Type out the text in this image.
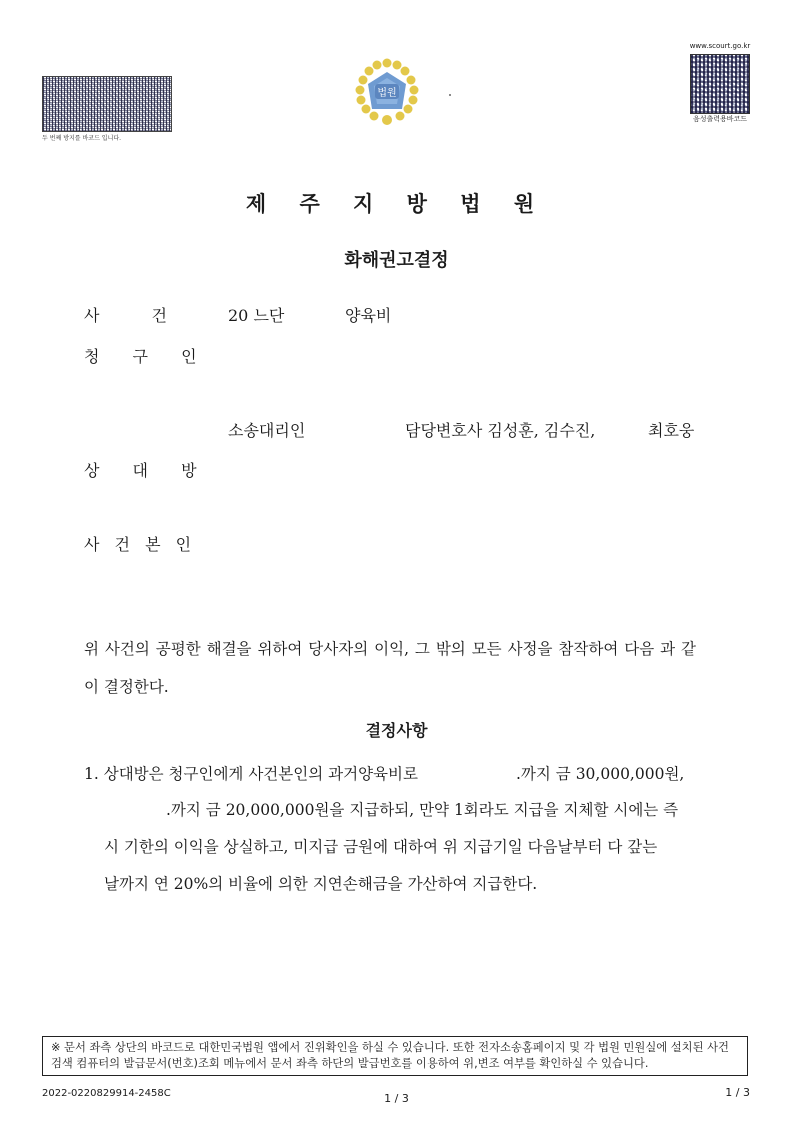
두 번째 방지를 바코드 입니다.
법원
www.scourt.go.kr
음성출력용바코드
제 주 지 방 법 원
화해권고결정
사	건	20 느단	양육비
청 구 인
소송대리인	담당변호사 김성훈, 김수진,	최호웅
상 대 방
사 건 본 인
위 사건의 공평한 해결을 위하여 당사자의 이익, 그 밖의 모든 사정을 참작하여 다음 과 같이 결정한다.
결정사항
1. 상대방은 청구인에게 사건본인의 과거양육비로	.까지 금 30,000,000원,
.까지 금 20,000,000원을 지급하되, 만약 1회라도 지급을 지체할 시에는 즉
시 기한의 이익을 상실하고, 미지급 금원에 대하여 위 지급기일 다음날부터 다 갚는
날까지 연 20%의 비율에 의한 지연손해금을 가산하여 지급한다.
※ 문서 좌측 상단의 바코드로 대한민국법원 앱에서 진위확인을 하실 수 있습니다. 또한 전자소송홈페이지 및 각 법원 민원실에 설치된 사건검색 컴퓨터의 발급문서(번호)조회 메뉴에서 문서 좌측 하단의 발급번호를 이용하여 위,변조 여부를 확인하실 수 있습니다.
2022-0220829914-2458C	1 / 3	1 / 3
